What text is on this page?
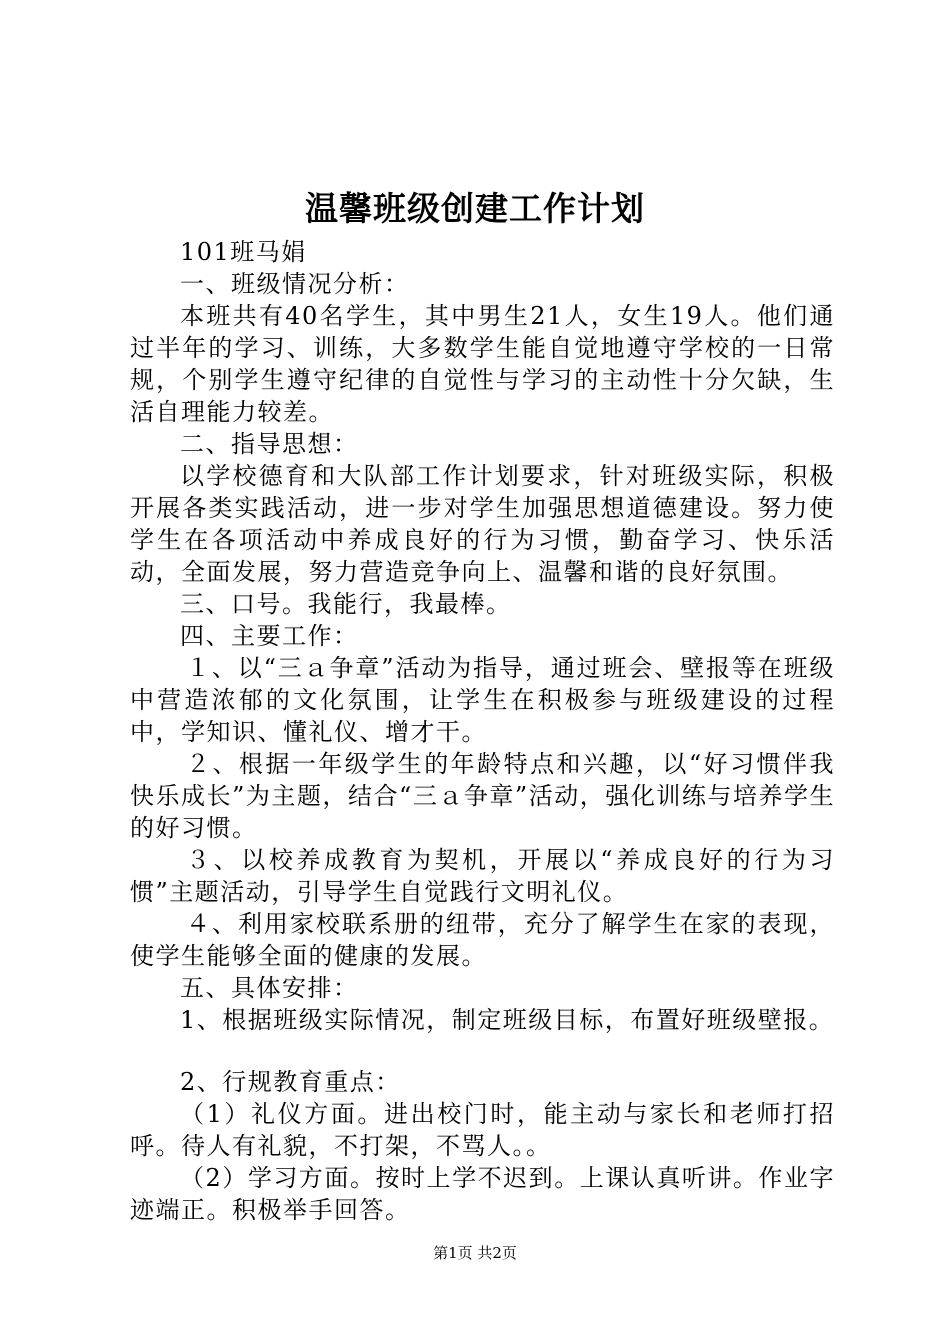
温馨班级创建工作计划

101班马娟

一、班级情况分析：

本班共有40名学生，其中男生21人，女生19人。他们通过半年的学习、训练，大多数学生能自觉地遵守学校的一日常规，个别学生遵守纪律的自觉性与学习的主动性十分欠缺，生活自理能力较差。

二、指导思想：

以学校德育和大队部工作计划要求，针对班级实际，积极开展各类实践活动，进一步对学生加强思想道德建设。努力使学生在各项活动中养成良好的行为习惯，勤奋学习、快乐活动，全面发展，努力营造竞争向上、温馨和谐的良好氛围。

三、口号。我能行，我最棒。

四、主要工作：

１、以“三ａ争章”活动为指导，通过班会、壁报等在班级中营造浓郁的文化氛围，让学生在积极参与班级建设的过程中，学知识、懂礼仪、增才干。

２、根据一年级学生的年龄特点和兴趣，以“好习惯伴我快乐成长”为主题，结合“三ａ争章”活动，强化训练与培养学生的好习惯。

３、以校养成教育为契机，开展以“养成良好的行为习惯”主题活动，引导学生自觉践行文明礼仪。

４、利用家校联系册的纽带，充分了解学生在家的表现，使学生能够全面的健康的发展。

五、具体安排：

1、根据班级实际情况，制定班级目标，布置好班级壁报。

2、行规教育重点：

（1）礼仪方面。进出校门时，能主动与家长和老师打招呼。待人有礼貌，不打架，不骂人。。

（2）学习方面。按时上学不迟到。上课认真听讲。作业字迹端正。积极举手回答。

第1页 共2页
